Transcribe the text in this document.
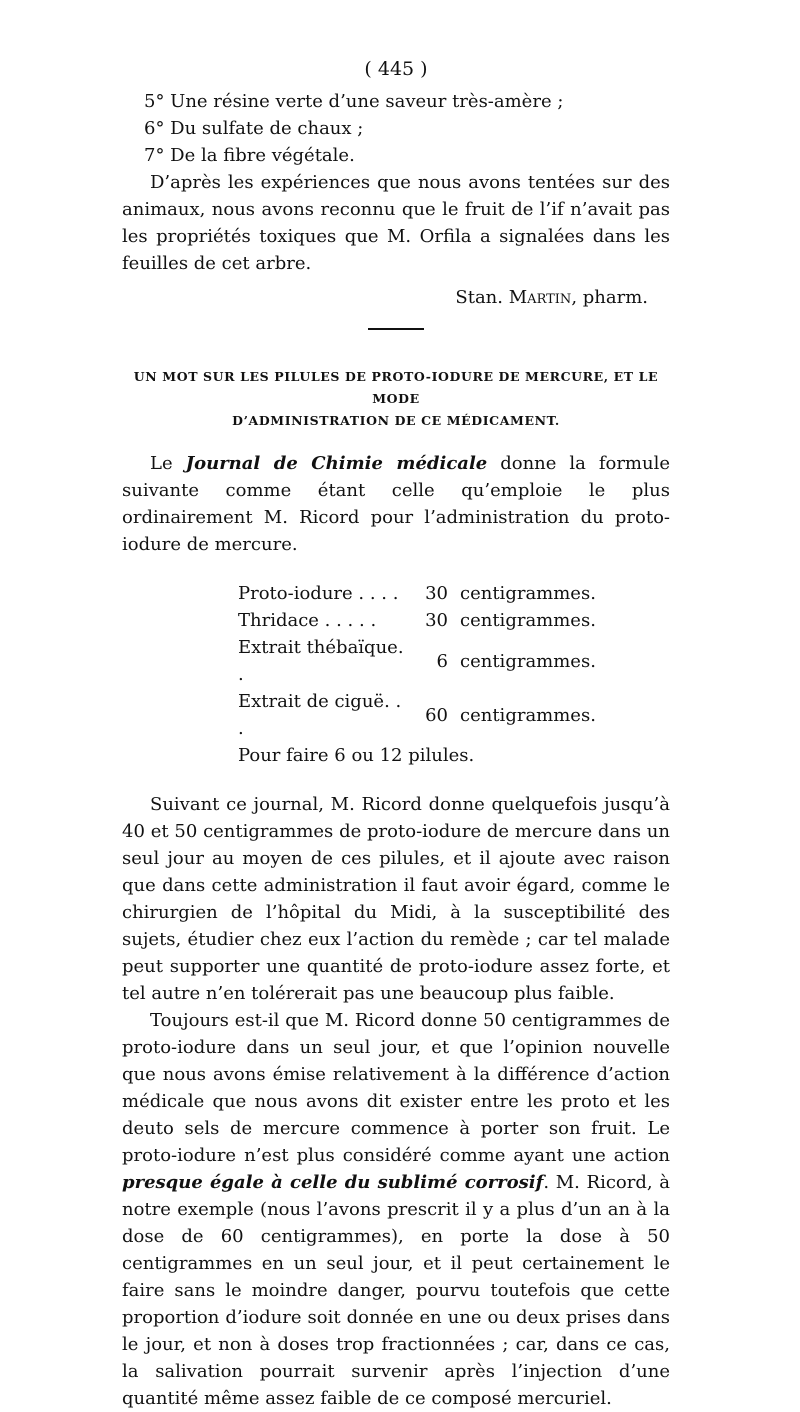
( 445 )
5° Une résine verte d’une saveur très-amère ;
6° Du sulfate de chaux ;
7° De la fibre végétale.

D’après les expériences que nous avons tentées sur des animaux, nous avons reconnu que le fruit de l’if n’avait pas les propriétés toxiques que M. Orfila a signalées dans les feuilles de cet arbre.

Stan. Martin, pharm.
UN MOT SUR LES PILULES DE PROTO-IODURE DE MERCURE, ET LE MODE
D’ADMINISTRATION DE CE MÉDICAMENT.

Le Journal de Chimie médicale donne la formule suivante comme étant celle qu’emploie le plus ordinairement M. Ricord pour l’administration du proto-iodure de mercure.

Proto-iodure . . . .	30	centigrammes.
Thridace . . . . .	30	centigrammes.
Extrait thébaïque. .	6	centigrammes.
Extrait de ciguë. . .	60	centigrammes.
Pour faire 6 ou 12 pilules.

Suivant ce journal, M. Ricord donne quelquefois jusqu’à 40 et 50 centigrammes de proto-iodure de mercure dans un seul jour au moyen de ces pilules, et il ajoute avec raison que dans cette administration il faut avoir égard, comme le chirurgien de l’hôpital du Midi, à la susceptibilité des sujets, étudier chez eux l’action du remède ; car tel malade peut supporter une quantité de proto-iodure assez forte, et tel autre n’en tolérerait pas une beaucoup plus faible.

Toujours est-il que M. Ricord donne 50 centigrammes de proto-iodure dans un seul jour, et que l’opinion nouvelle que nous avons émise relativement à la différence d’action médicale que nous avons dit exister entre les proto et les deuto sels de mercure commence à porter son fruit. Le proto-iodure n’est plus considéré comme ayant une action presque égale à celle du sublimé corrosif. M. Ricord, à notre exemple (nous l’avons prescrit il y a plus d’un an à la dose de 60 centigrammes), en porte la dose à 50 centigrammes en un seul jour, et il peut certainement le faire sans le moindre danger, pourvu toutefois que cette proportion d’iodure soit donnée en une ou deux prises dans le jour, et non à doses trop fractionnées ; car, dans ce cas, la salivation pourrait survenir après l’injection d’une quantité même assez faible de ce composé mercuriel.
